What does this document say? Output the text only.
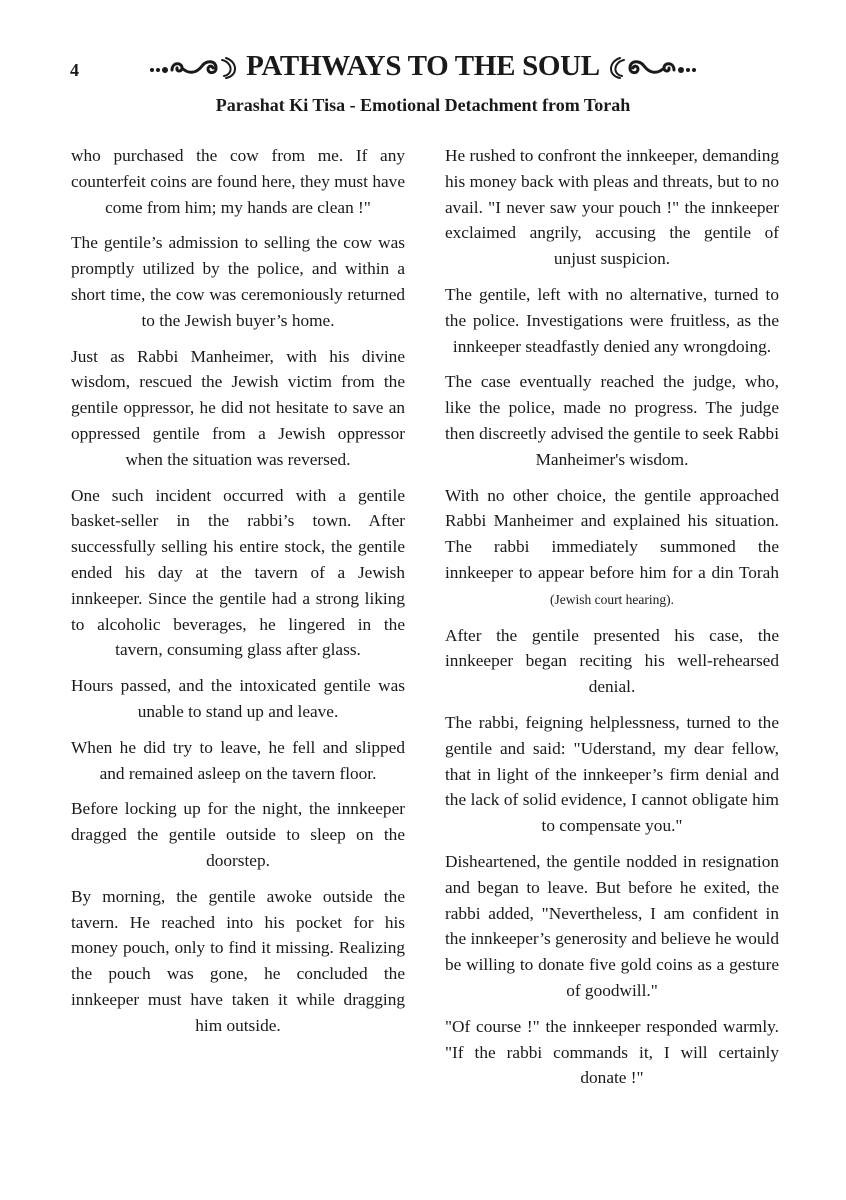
4	PATHWAYS TO THE SOUL
Parashat Ki Tisa - Emotional Detachment from Torah

who purchased the cow from me. If any counterfeit coins are found here, they must have come from him; my hands are clean !"

The gentile’s admission to selling the cow was promptly utilized by the police, and within a short time, the cow was ceremoniously returned to the Jewish buyer’s home.

Just as Rabbi Manheimer, with his divine wisdom, rescued the Jewish victim from the gentile oppressor, he did not hesitate to save an oppressed gentile from a Jewish oppressor when the situation was reversed.

One such incident occurred with a gentile basket-seller in the rabbi’s town. After successfully selling his entire stock, the gentile ended his day at the tavern of a Jewish innkeeper. Since the gentile had a strong liking to alcoholic beverages, he lingered in the tavern, consuming glass after glass.

Hours passed, and the intoxicated gentile was unable to stand up and leave.

When he did try to leave, he fell and slipped and remained asleep on the tavern floor.

Before locking up for the night, the innkeeper dragged the gentile outside to sleep on the doorstep.

By morning, the gentile awoke outside the tavern. He reached into his pocket for his money pouch, only to find it missing. Realizing the pouch was gone, he concluded the innkeeper must have taken it while dragging him outside.

He rushed to confront the innkeeper, demanding his money back with pleas and threats, but to no avail. "I never saw your pouch !" the innkeeper exclaimed angrily, accusing the gentile of unjust suspicion.

The gentile, left with no alternative, turned to the police. Investigations were fruitless, as the innkeeper steadfastly denied any wrongdoing.

The case eventually reached the judge, who, like the police, made no progress. The judge then discreetly advised the gentile to seek Rabbi Manheimer's wisdom.

With no other choice, the gentile approached Rabbi Manheimer and explained his situation. The rabbi immediately summoned the innkeeper to appear before him for a din Torah (Jewish court hearing).

After the gentile presented his case, the innkeeper began reciting his well-rehearsed denial.

The rabbi, feigning helplessness, turned to the gentile and said: "Uderstand, my dear fellow, that in light of the innkeeper’s firm denial and the lack of solid evidence, I cannot obligate him to compensate you."

Disheartened, the gentile nodded in resignation and began to leave. But before he exited, the rabbi added, "Nevertheless, I am confident in the innkeeper’s generosity and believe he would be willing to donate five gold coins as a gesture of goodwill."

"Of course !" the innkeeper responded warmly. "If the rabbi commands it, I will certainly donate !"
